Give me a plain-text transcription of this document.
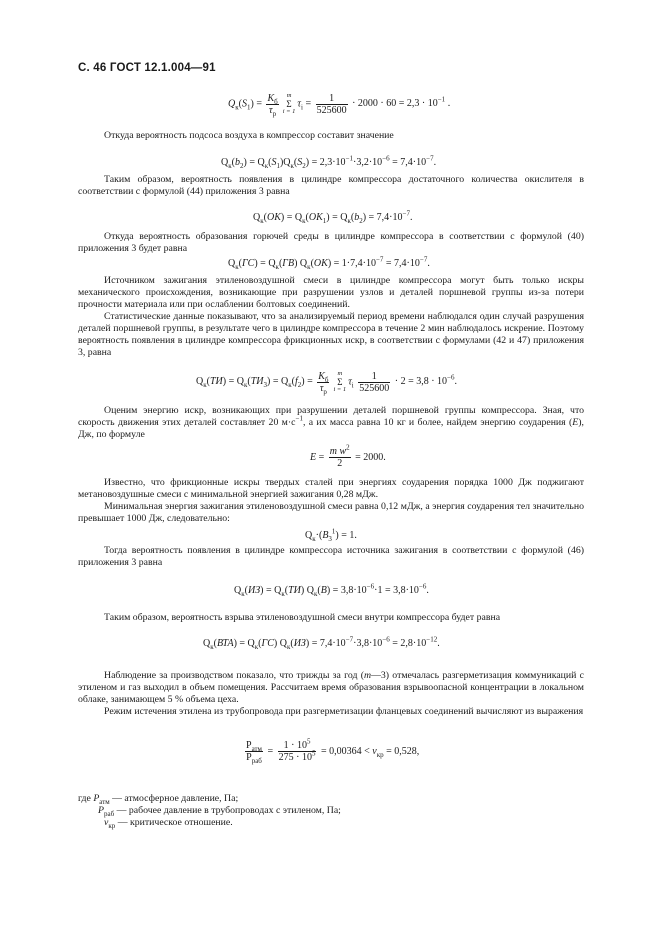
С. 46 ГОСТ 12.1.004—91
$Q_к(S_1)$ =
$K_б$
$\tau_р$
m
Σ
i = 1
$\tau_i = \frac{1}{525600} \cdot 2000 \cdot 60 = 2,3 \cdot 10^{-1}$ .
Откуда вероятность подсоса воздуха в компрессор составит значение
$Q_к(b_2) = Q_к(S_1)Q_к(S_2) = 2,3\cdot 10^{-1}\cdot 3,2\cdot 10^{-6} = 7,4\cdot 10^{-7}$.
Таким образом, вероятность появления в цилиндре компрессора достаточного количества окислителя в соответствии с формулой (44) приложения 3 равна
$Q_к(OK) = Q_к(OK_1) = Q_к(b_2) = 7,4\cdot 10^{-7}$.
Откуда вероятность образования горючей среды в цилиндре компрессора в соответствии с формулой (40) приложения 3 будет равна
$Q_к(ГС) = Q_к(ГВ) Q_к(OK) = 1\cdot 7,4\cdot 10^{-7} = 7,4\cdot 10^{-7}$.
Источником зажигания этиленовоздушной смеси в цилиндре компрессора могут быть только искры механического происхождения, возникающие при разрушении узлов и деталей поршневой группы из-за потери прочности материала или при ослаблении болтовых соединений.
Статистические данные показывают, что за анализируемый период времени наблюдался один случай разрушения деталей поршневой группы, в результате чего в цилиндре компрессора в течение 2 мин наблюдалось искрение. Поэтому вероятность появления в цилиндре компрессора фрикционных искр, в соответствии с формулами (42 и 47) приложения 3, равна
$Q_к(ТИ) = Q_к(ТИ_3) = Q_к(f_2)$ =
$K_б$
$\tau_р$
m
Σ
i = 1
$\tau_i \frac{1}{525600} \cdot 2 = 3,8 \cdot 10^{-6}$.
Оценим энергию искр, возникающих при разрушении деталей поршневой группы компрессора. Зная, что скорость движения этих деталей составляет 20 $м\cdot с^{-1}$, а их масса равна 10 кг и более, найдем энергию соударения (E), Дж, по формуле
$E = \frac{m w^2}{2} = 2000$.
Известно, что фрикционные искры твердых сталей при энергиях соударения порядка 1000 Дж поджигают метановоздушные смеси с минимальной энергией зажигания 0,28 мДж.
Минимальная энергия зажигания этиленовоздушной смеси равна 0,12 мДж, а энергия соударения тел значительно превышает 1000 Дж, следовательно:
$Q_к\cdot(B_3^1) = 1$.
Тогда вероятность появления в цилиндре компрессора источника зажигания в соответствии с формулой (46) приложения 3 равна
$Q_к(ИЗ) = Q_к(ТИ) Q_к(B) = 3,8\cdot 10^{-6}\cdot 1 = 3,8\cdot 10^{-6}$.
Таким образом, вероятность взрыва этиленовоздушной смеси внутри компрессора будет равна
$Q_к(ВТА) = Q_к(ГС) Q_к(ИЗ) = 7,4\cdot 10^{-7}\cdot 3,8\cdot 10^{-6} = 2,8\cdot 10^{-12}$.
Наблюдение за производством показало, что трижды за год (m—3) отмечалась разгерметизация коммуникаций с этиленом и газ выходил в объем помещения. Рассчитаем время образования взрывоопасной концентрации в локальном облаке, занимающем 5 % объема цеха.
Режим истечения этилена из трубопровода при разгерметизации фланцевых соединений вычисляют из выражения
$P_{атм}$
$P_{раб}$
= $\frac{1 \cdot 10^5}{275 \cdot 10^5} = 0,00364 < v_{кр} = 0,528$,
где $P_{атм}$ — атмосферное давление, Па;
$P_{раб}$ — рабочее давление в трубопроводах с этиленом, Па;
$v_{кр}$ — критическое отношение.
